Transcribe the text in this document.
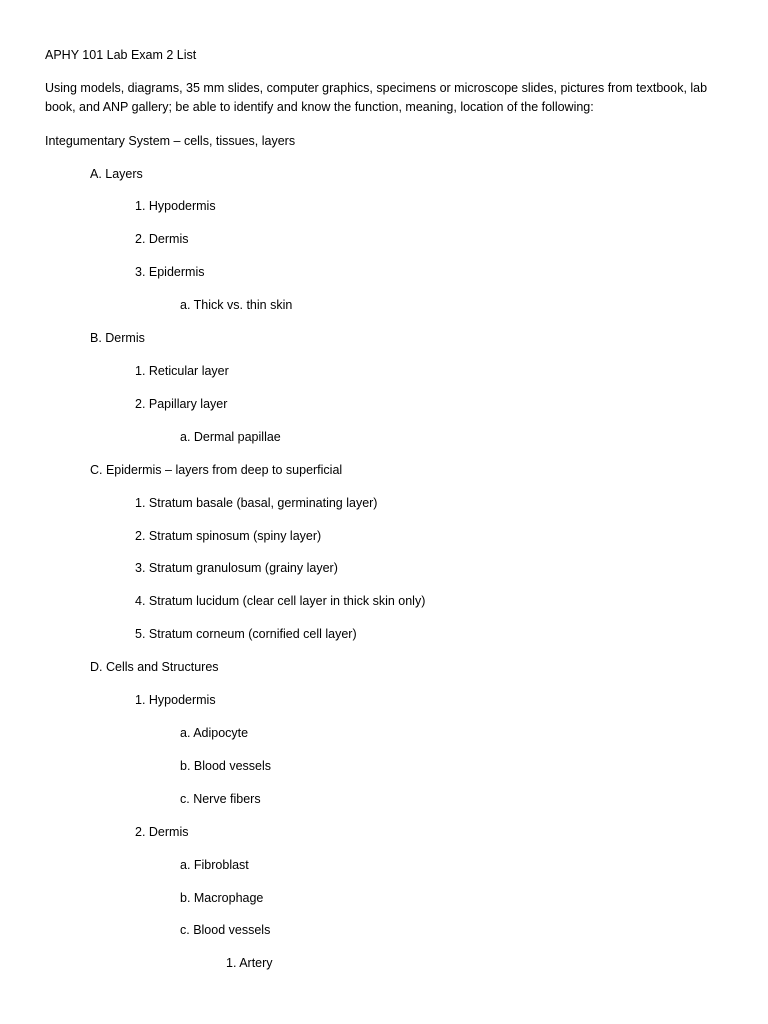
APHY 101 Lab Exam 2 List
Using models, diagrams, 35 mm slides, computer graphics, specimens or microscope slides, pictures from textbook, lab book, and ANP gallery; be able to identify and know the function, meaning, location of the following:
Integumentary System – cells, tissues, layers
A. Layers
1. Hypodermis
2. Dermis
3. Epidermis
a. Thick vs. thin skin
B. Dermis
1. Reticular layer
2. Papillary layer
a. Dermal papillae
C. Epidermis – layers from deep to superficial
1. Stratum basale (basal, germinating layer)
2. Stratum spinosum (spiny layer)
3. Stratum granulosum (grainy layer)
4. Stratum lucidum (clear cell layer in thick skin only)
5. Stratum corneum (cornified cell layer)
D. Cells and Structures
1. Hypodermis
a. Adipocyte
b. Blood vessels
c. Nerve fibers
2. Dermis
a. Fibroblast
b. Macrophage
c. Blood vessels
1. Artery
